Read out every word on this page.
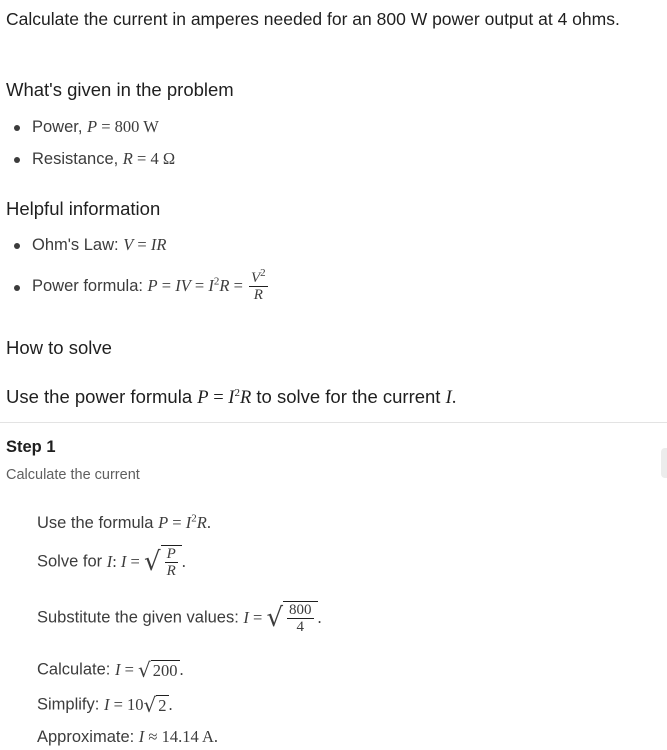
Calculate the current in amperes needed for an 800 W power output at 4 ohms.
What's given in the problem
Power, P = 800 W
Resistance, R = 4 Ω
Helpful information
Ohm's Law: V = IR
Power formula: P = IV = $I^2R = \frac{V^2}{R}$
How to solve
Use the power formula $P = I^2R$ to solve for the current I.
Step 1
Calculate the current
Use the formula $P = I^2R$.
Solve for I: I = √ $\frac{P}{R}$ .
Substitute the given values: I = √ $\frac{800}{4}$ .
Calculate: I = √ 200 .
Simplify: I = 10√ 2 .
Approximate: I ≈ 14.14 A.
